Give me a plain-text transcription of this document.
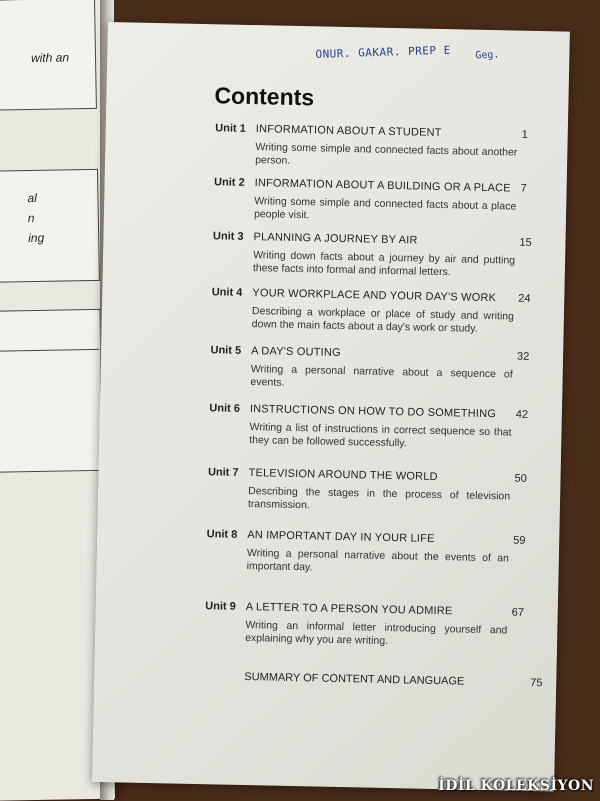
with an
al
n
ing
ONUR. GAKAR. PREP E Geg.
Contents
Unit 1 INFORMATION ABOUT A STUDENT	1
Writing some simple and connected facts about another person.
Unit 2 INFORMATION ABOUT A BUILDING OR A PLACE 7
Writing some simple and connected facts about a place people visit.
Unit 3 PLANNING A JOURNEY BY AIR	15
Writing down facts about a journey by air and putting these facts into formal and informal letters.
Unit 4 YOUR WORKPLACE AND YOUR DAY'S WORK 24
Describing a workplace or place of study and writing down the main facts about a day's work or study.
Unit 5 A DAY'S OUTING	32
Writing a personal narrative about a sequence of events.
Unit 6 INSTRUCTIONS ON HOW TO DO SOMETHING 42
Writing a list of instructions in correct sequence so that they can be followed successfully.
Unit 7 TELEVISION AROUND THE WORLD	50
Describing the stages in the process of television transmission.
Unit 8 AN IMPORTANT DAY IN YOUR LIFE	59
Writing a personal narrative about the events of an important day.
Unit 9 A LETTER TO A PERSON YOU ADMIRE	67
Writing an informal letter introducing yourself and explaining why you are writing.
SUMMARY OF CONTENT AND LANGUAGE	75
İDİL KOLEKSİYON
